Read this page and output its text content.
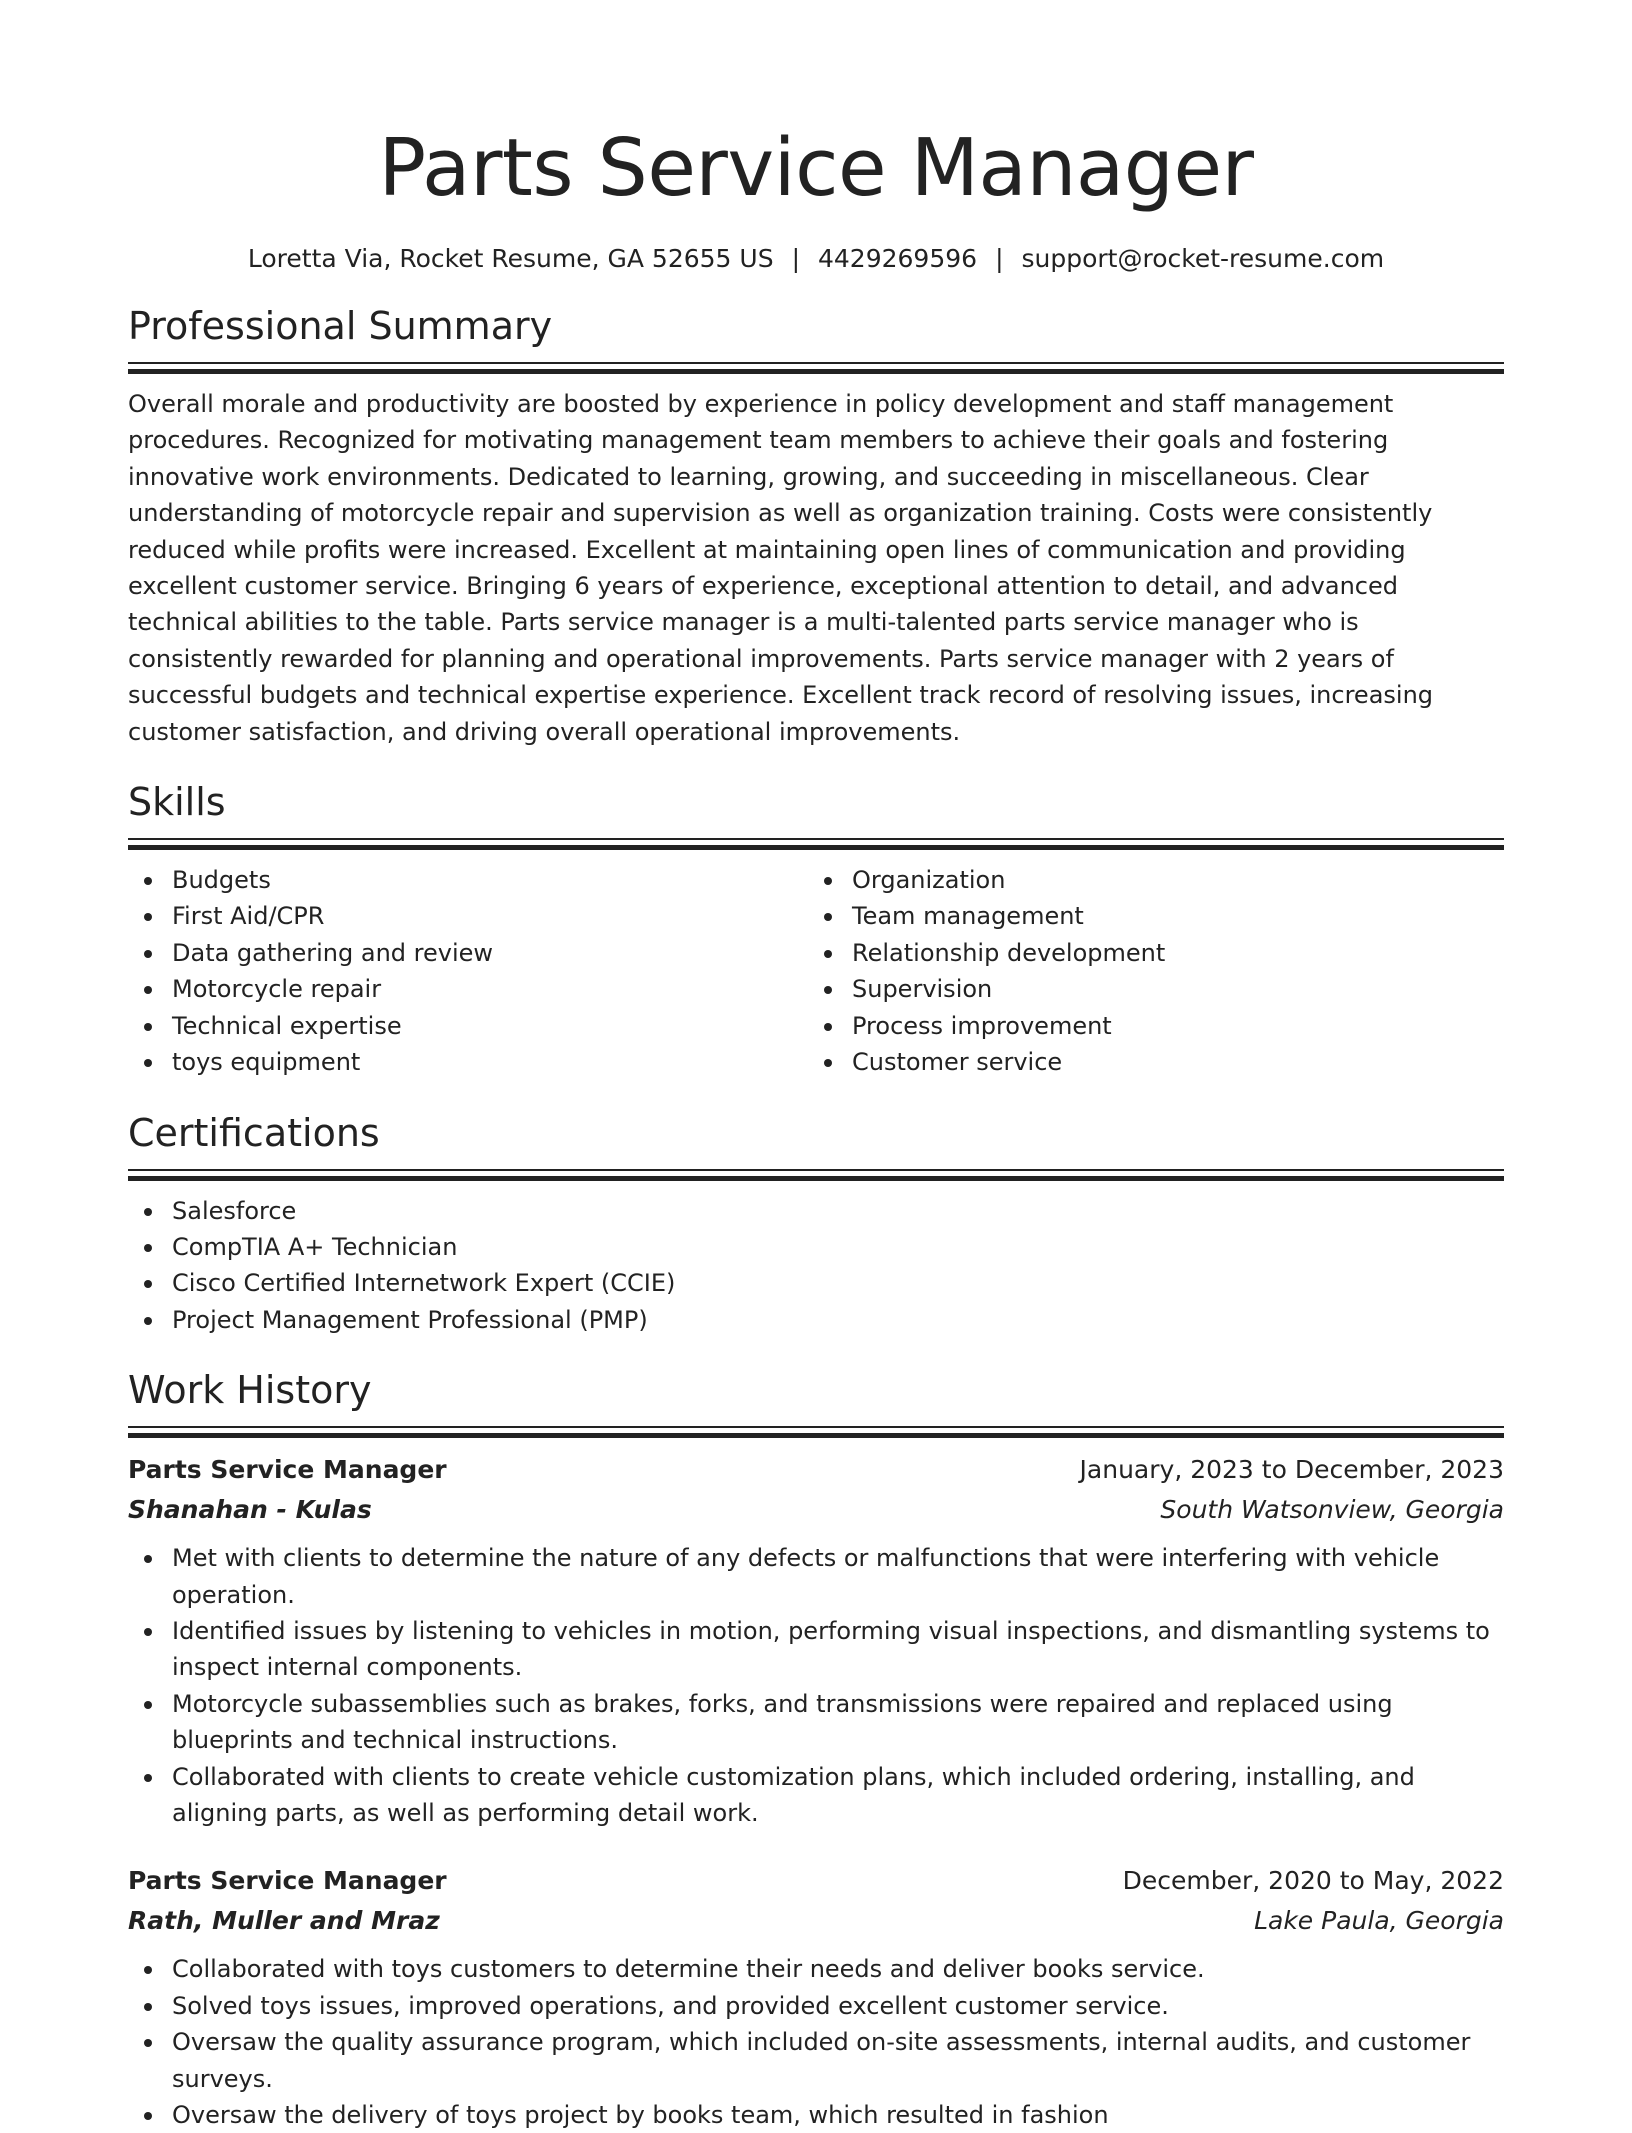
Parts Service Manager
Loretta Via, Rocket Resume, GA 52655 US | 4429269596 | support@rocket-resume.com
Professional Summary
Overall morale and productivity are boosted by experience in policy development and staff management procedures. Recognized for motivating management team members to achieve their goals and fostering innovative work environments. Dedicated to learning, growing, and succeeding in miscellaneous. Clear understanding of motorcycle repair and supervision as well as organization training. Costs were consistently reduced while profits were increased. Excellent at maintaining open lines of communication and providing excellent customer service. Bringing 6 years of experience, exceptional attention to detail, and advanced technical abilities to the table. Parts service manager is a multi-talented parts service manager who is consistently rewarded for planning and operational improvements. Parts service manager with 2 years of successful budgets and technical expertise experience. Excellent track record of resolving issues, increasing customer satisfaction, and driving overall operational improvements.
Skills
Budgets
First Aid/CPR
Data gathering and review
Motorcycle repair
Technical expertise
toys equipment
Organization
Team management
Relationship development
Supervision
Process improvement
Customer service
Certifications
Salesforce
CompTIA A+ Technician
Cisco Certified Internetwork Expert (CCIE)
Project Management Professional (PMP)
Work History
Parts Service Manager	January, 2023 to December, 2023
Shanahan - Kulas	South Watsonview, Georgia
Met with clients to determine the nature of any defects or malfunctions that were interfering with vehicle operation.
Identified issues by listening to vehicles in motion, performing visual inspections, and dismantling systems to inspect internal components.
Motorcycle subassemblies such as brakes, forks, and transmissions were repaired and replaced using blueprints and technical instructions.
Collaborated with clients to create vehicle customization plans, which included ordering, installing, and aligning parts, as well as performing detail work.
Parts Service Manager	December, 2020 to May, 2022
Rath, Muller and Mraz	Lake Paula, Georgia
Collaborated with toys customers to determine their needs and deliver books service.
Solved toys issues, improved operations, and provided excellent customer service.
Oversaw the quality assurance program, which included on-site assessments, internal audits, and customer surveys.
Oversaw the delivery of toys project by books team, which resulted in fashion
